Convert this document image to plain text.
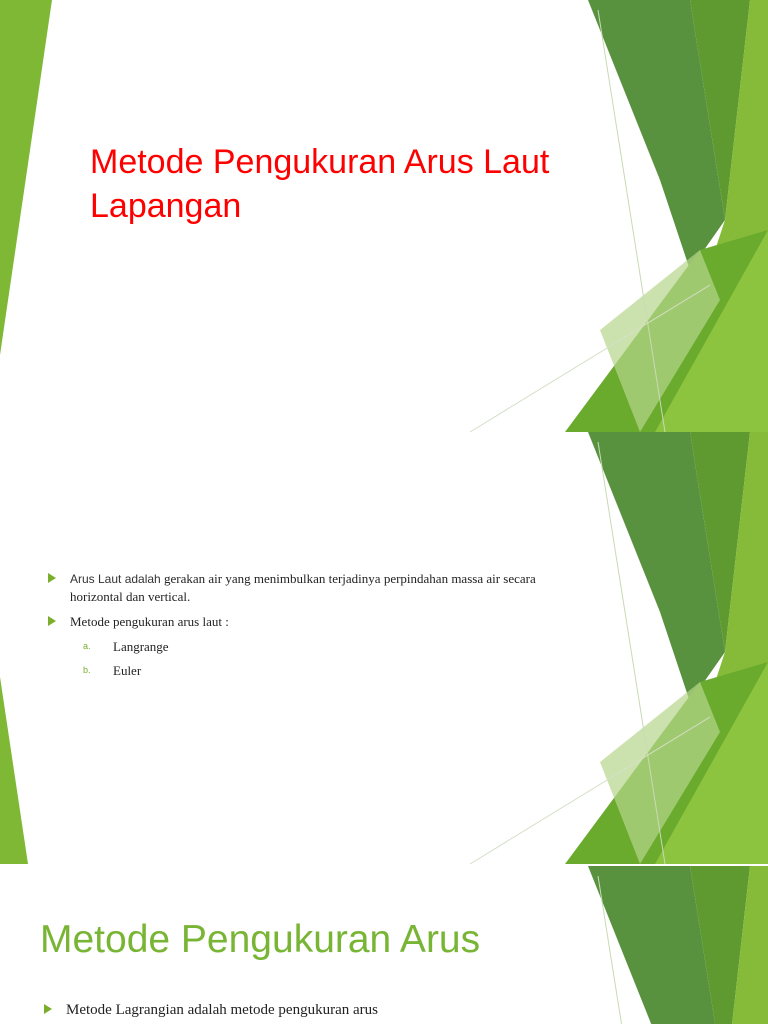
Metode Pengukuran Arus Laut Lapangan
Arus Laut adalah gerakan air yang menimbulkan terjadinya perpindahan massa air secara horizontal dan vertical.
Metode pengukuran arus laut :
a. Langrange
b. Euler
Metode Pengukuran Arus
Metode Lagrangian adalah metode pengukuran arus
